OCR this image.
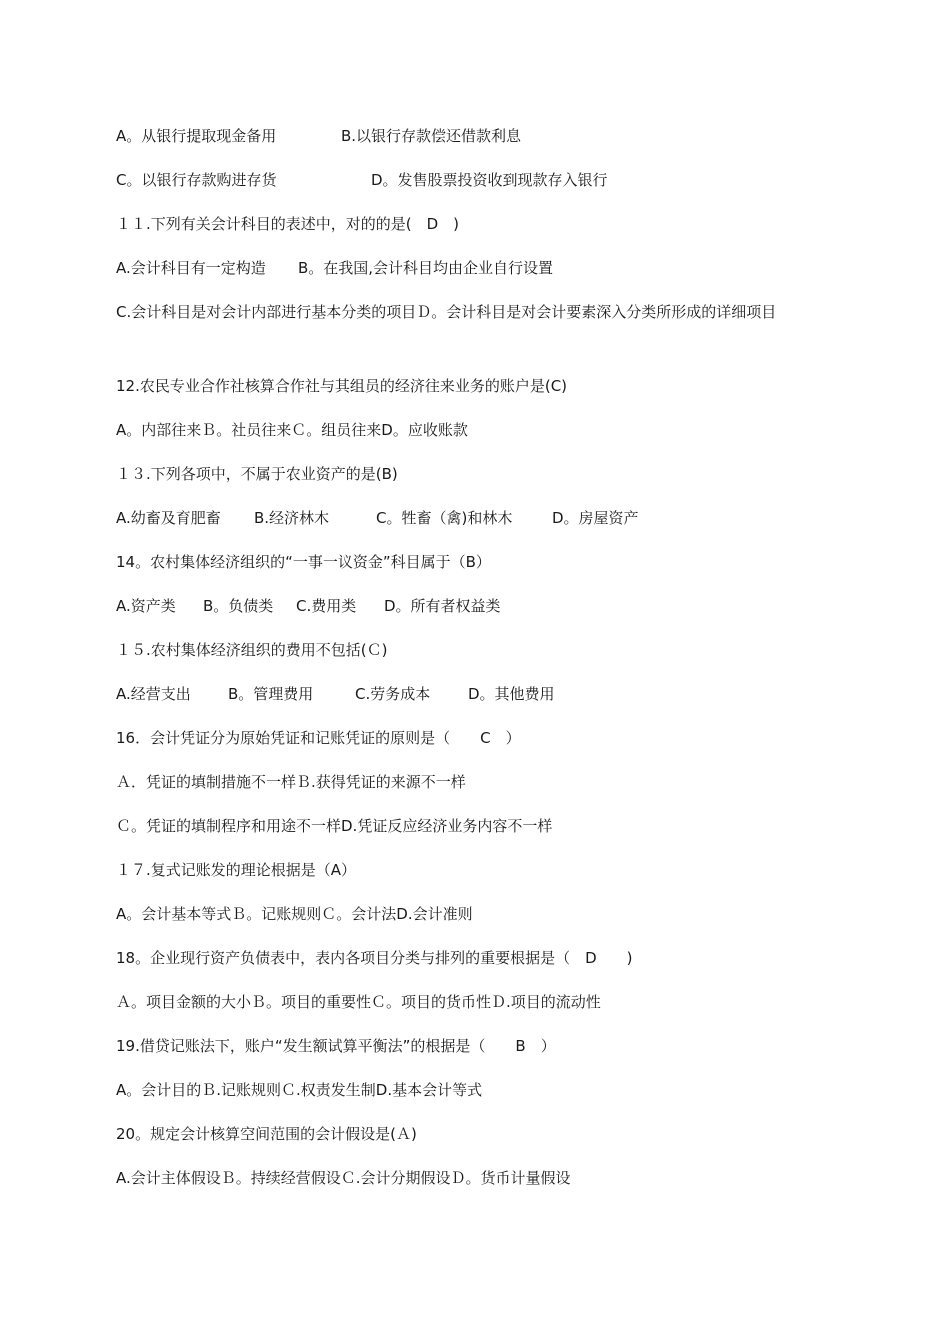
A。从银行提取现金备用	B.以银行存款偿还借款利息
C。以银行存款购进存货	D。发售股票投资收到现款存入银行
１１.下列有关会计科目的表述中，对的的是(　D　)
A.会计科目有一定构造 B。在我国,会计科目均由企业自行设置
C.会计科目是对会计内部进行基本分类的项目Ｄ。会计科目是对会计要素深入分类所形成的详细项目
12.农民专业合作社核算合作社与其组员的经济往来业务的账户是(C)
A。内部往来Ｂ。社员往来Ｃ。组员往来D。应收账款
１３.下列各项中，不属于农业资产的是(B)
A.幼畜及育肥畜 B.经济林木	C。牲畜（禽)和林木	D。房屋资产
14。农村集体经济组织的“一事一议资金”科目属于（B）
A.资产类 B。负债类 C.费用类 D。所有者权益类
１５.农村集体经济组织的费用不包括(Ｃ)
A.经营支出 B。管理费用	C.劳务成本	D。其他费用
16．会计凭证分为原始凭证和记账凭证的原则是（　　C　）
Ａ．凭证的填制措施不一样Ｂ.获得凭证的来源不一样
Ｃ。凭证的填制程序和用途不一样D.凭证反应经济业务内容不一样
１７.复式记账发的理论根据是（A）
A。会计基本等式Ｂ。记账规则Ｃ。会计法D.会计准则
18。企业现行资产负债表中，表内各项目分类与排列的重要根据是（　D　　)
Ａ。项目金额的大小Ｂ。项目的重要性Ｃ。项目的货币性Ｄ.项目的流动性
19.借贷记账法下，账户“发生额试算平衡法”的根据是（　　B　）
A。会计目的Ｂ.记账规则Ｃ.权责发生制D.基本会计等式
20。规定会计核算空间范围的会计假设是(Ａ)
A.会计主体假设Ｂ。持续经营假设Ｃ.会计分期假设Ｄ。货币计量假设
